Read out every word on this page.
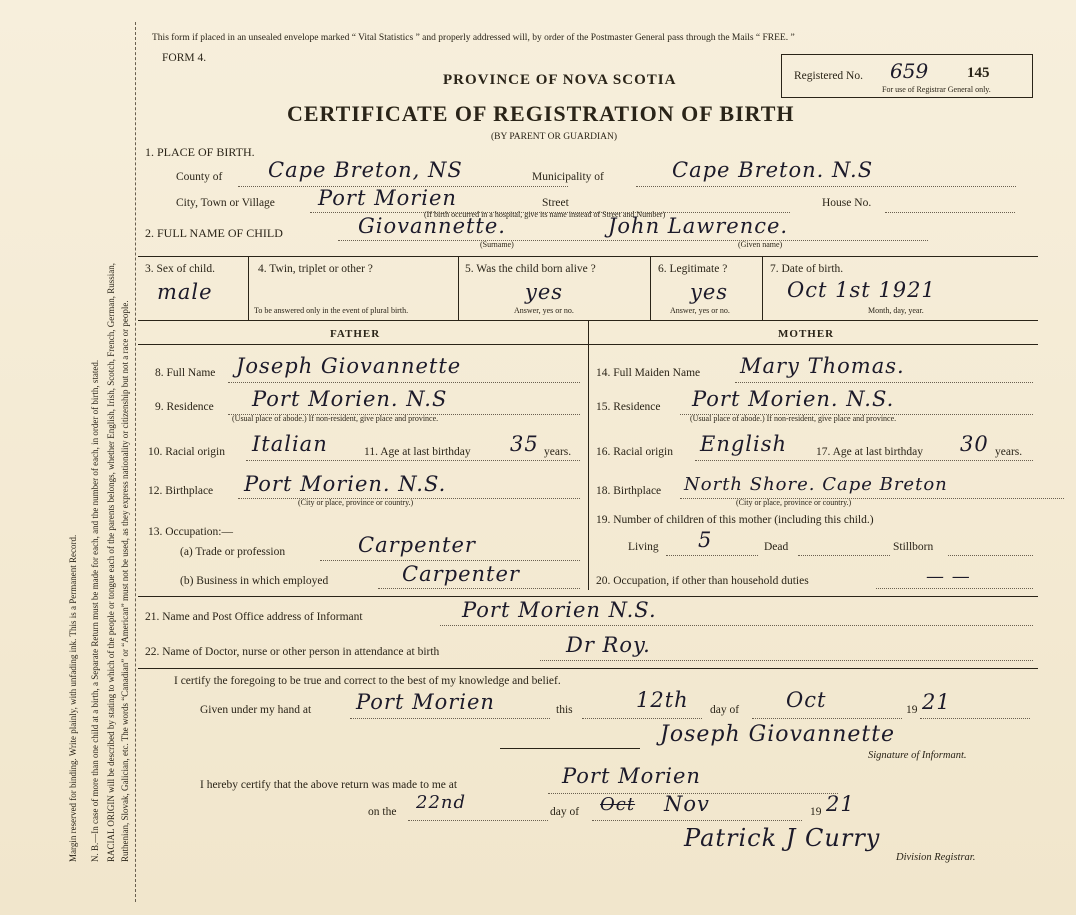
Margin reserved for binding. Write plainly, with unfading ink. This is a Permanent Record. N. B.—In case of more than one child at a birth, a Separate Return must be made for each, and the number of each, in order of birth, stated. RACIAL ORIGIN will be described by stating to which of the people or tongue each of the parents belongs, whether English, Irish, Scotch, French, German, Russian, Ruthenian, Slovak, Galician, etc. The words “Canadian” or “American” must not be used, as they express nationality or citizenship but not a race or people.
This form if placed in an unsealed envelope marked “ Vital Statistics ” and properly addressed will, by order of the Postmaster General pass through the Mails “ FREE. ”
FORM 4.
PROVINCE OF NOVA SCOTIA
CERTIFICATE OF REGISTRATION OF BIRTH
(BY PARENT OR GUARDIAN)
Registered No. 659	145
For use of Registrar General only.
1. PLACE OF BIRTH.
County of Cape Breton, NS	Municipality of	Cape Breton. N.S
City, Town or Village Port Morien	Street
(If birth occurred in a hospital, give its name instead of Street and Number)
House No.
2. FULL NAME OF CHILD	Giovannette.	John Lawrence.
(Surname)	(Given name)
3. Sex of child.
male
4. Twin, triplet or other ?
To be answered only in the event of plural birth.
5. Was the child born alive ?
yes
Answer, yes or no.
6. Legitimate ?
yes
Answer, yes or no.
7. Date of birth.
Oct 1st 1921
Month, day, year.
FATHER	MOTHER
8. Full Name Joseph Giovannette
9. Residence Port Morien. N.S
(Usual place of abode.) If non-resident, give place and province.
10. Racial origin Italian	11. Age at last birthday 35 years.
12. Birthplace Port Morien. N.S.
(City or place, province or country.)
13. Occupation:—
(a) Trade or profession	Carpenter
(b) Business in which employed	Carpenter
14. Full Maiden Name Mary Thomas.
15. Residence Port Morien. N.S.
(Usual place of abode.) If non-resident, give place and province.
16. Racial origin English	17. Age at last birthday 30 years.
18. Birthplace North Shore. Cape Breton
(City or place, province or country.)
19. Number of children of this mother (including this child.)
Living 5	Dead	Stillborn
20. Occupation, if other than household duties	— —
21. Name and Post Office address of Informant	Port Morien N.S.
22. Name of Doctor, nurse or other person in attendance at birth	Dr Roy.
I certify the foregoing to be true and correct to the best of my knowledge and belief.
Given under my hand at Port Morien	this	12th day of Oct	19 21
Joseph Giovannette
Signature of Informant.
I hereby certify that the above return was made to me at	Port Morien
on the 22nd	day of Oct Nov	19 21
Patrick J Curry
Division Registrar.
